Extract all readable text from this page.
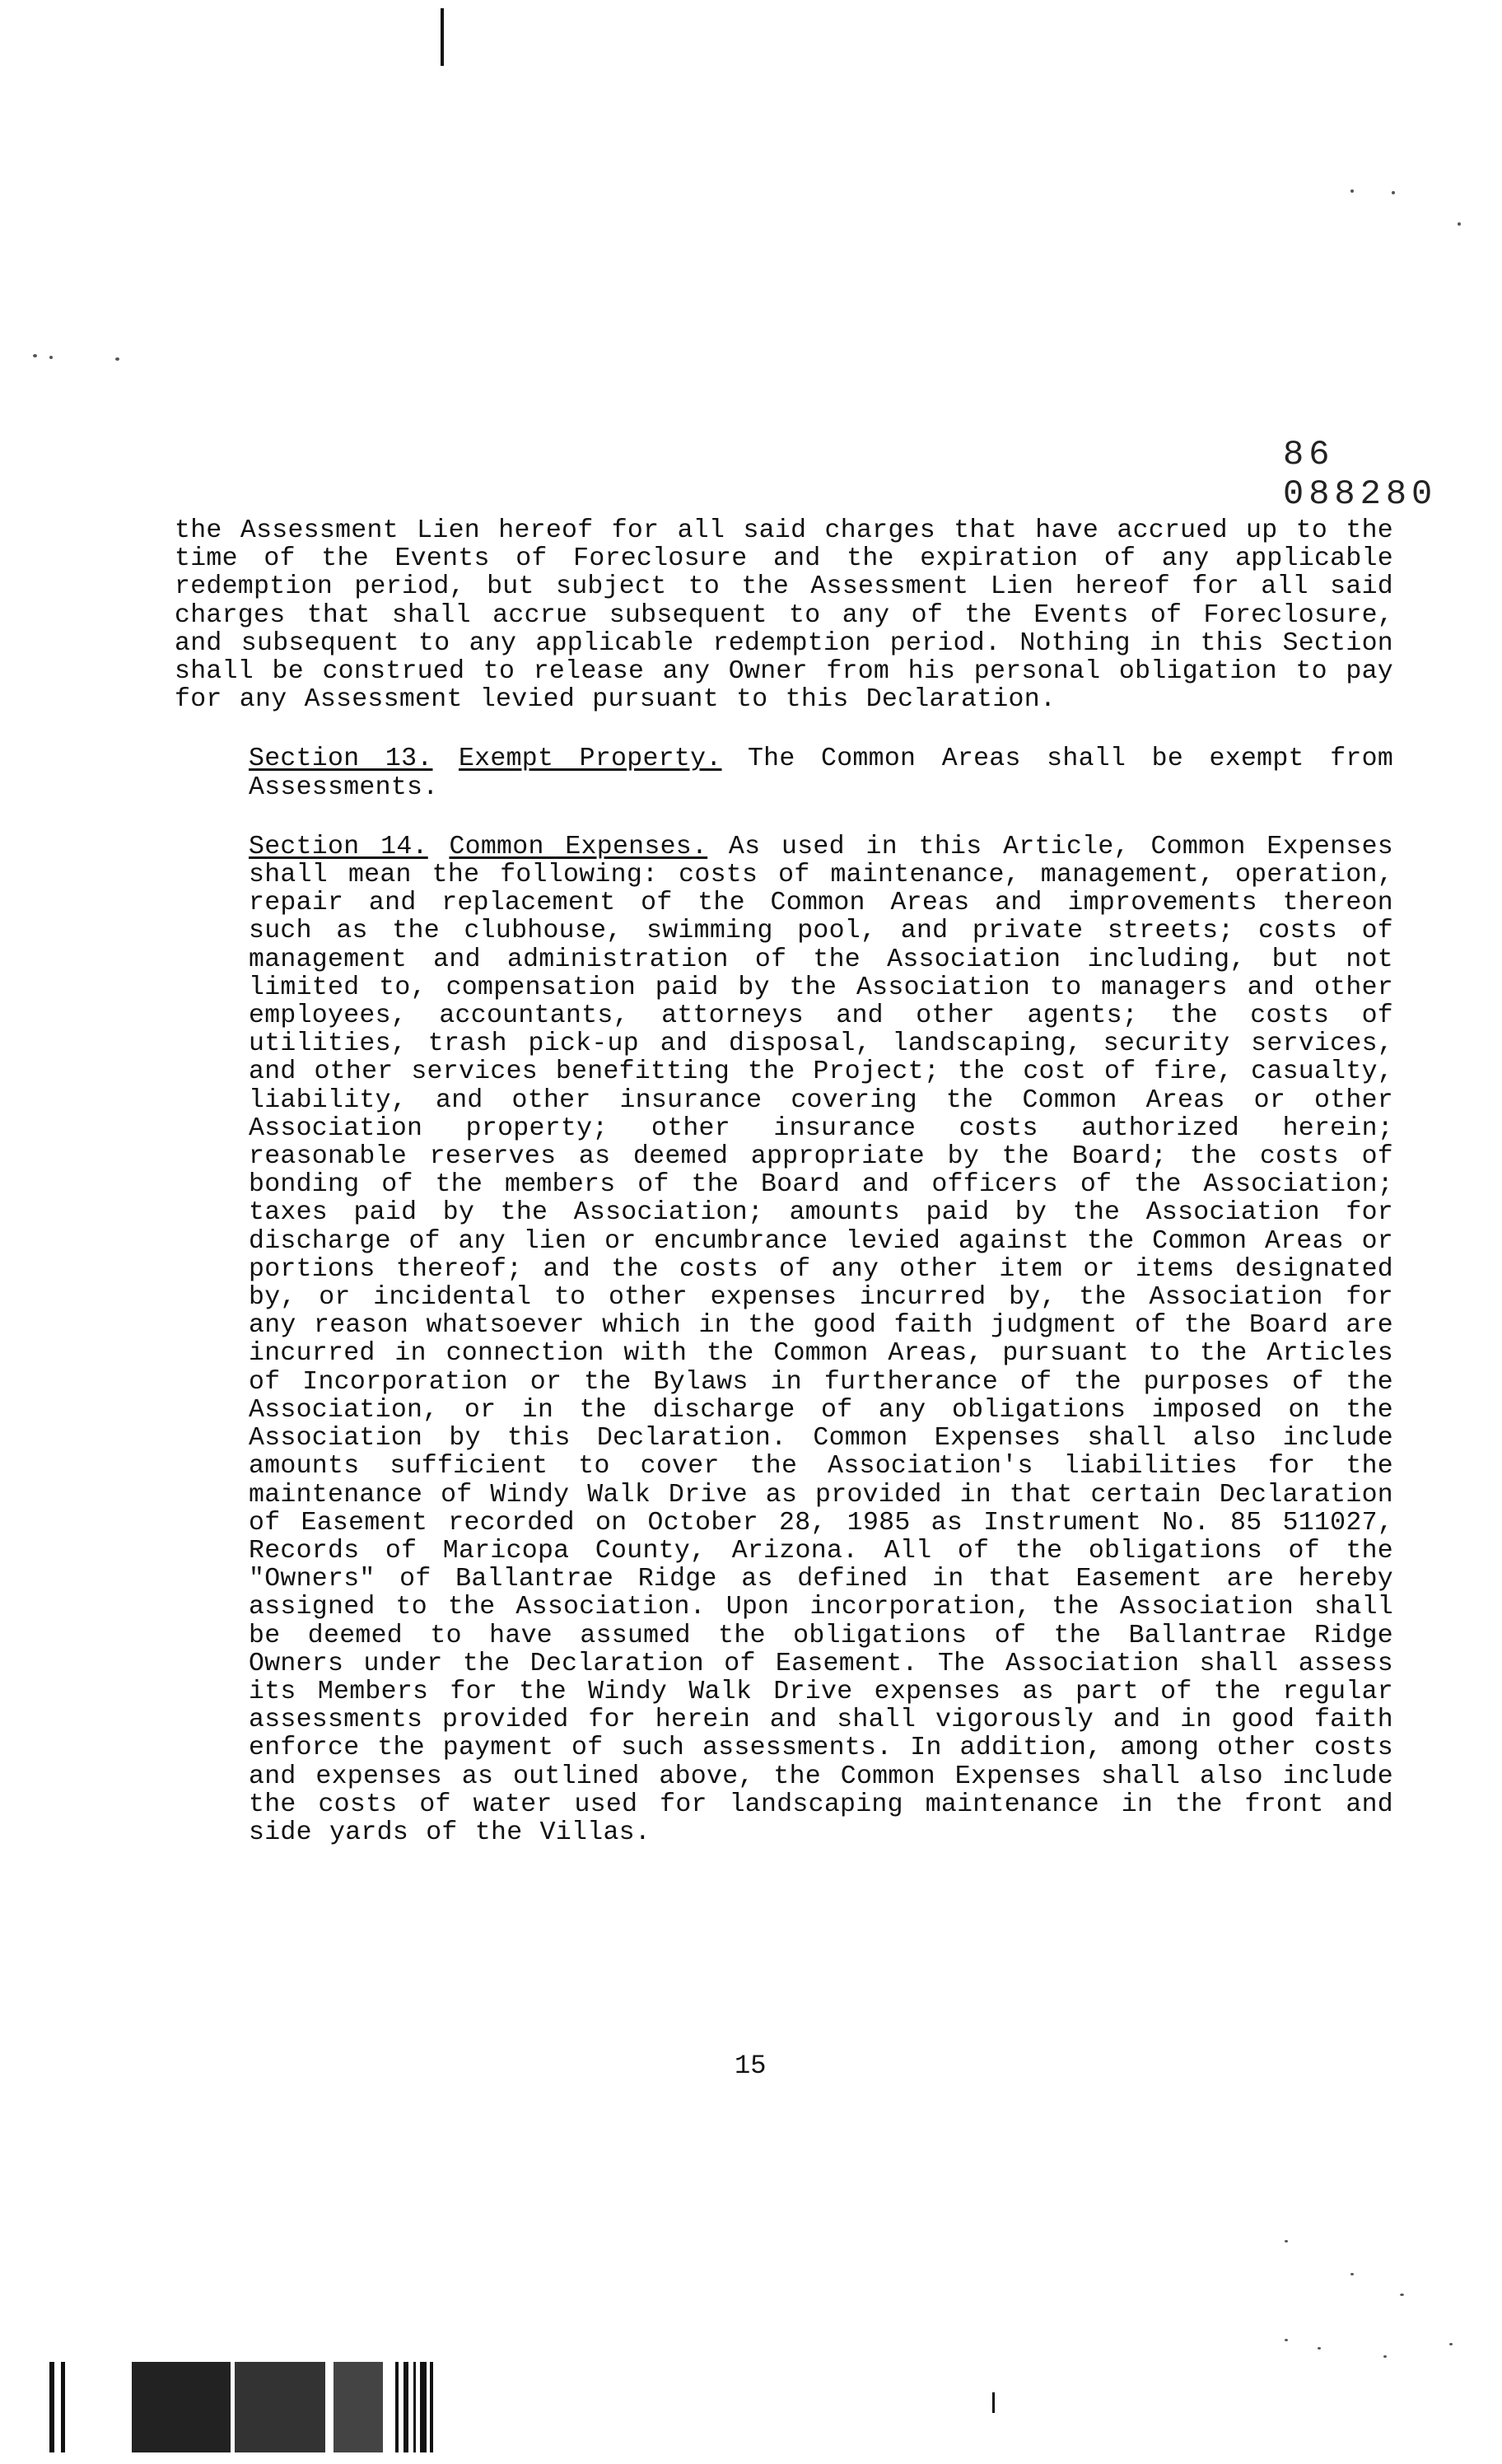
86 088280

the Assessment Lien hereof for all said charges that have accrued up to the time of the Events of Foreclosure and the expiration of any applicable redemption period, but subject to the Assessment Lien hereof for all said charges that shall accrue subsequent to any of the Events of Foreclosure, and subsequent to any applicable redemption period. Nothing in this Section shall be construed to release any Owner from his personal obligation to pay for any Assessment levied pursuant to this Declaration.

Section 13. Exempt Property. The Common Areas shall be exempt from Assessments.

Section 14. Common Expenses. As used in this Article, Common Expenses shall mean the following: costs of maintenance, management, operation, repair and replacement of the Common Areas and improvements thereon such as the clubhouse, swimming pool, and private streets; costs of management and administration of the Association including, but not limited to, compensation paid by the Association to managers and other employees, accountants, attorneys and other agents; the costs of utilities, trash pick-up and disposal, landscaping, security services, and other services benefitting the Project; the cost of fire, casualty, liability, and other insurance covering the Common Areas or other Association property; other insurance costs authorized herein; reasonable reserves as deemed appropriate by the Board; the costs of bonding of the members of the Board and officers of the Association; taxes paid by the Association; amounts paid by the Association for discharge of any lien or encumbrance levied against the Common Areas or portions thereof; and the costs of any other item or items designated by, or incidental to other expenses incurred by, the Association for any reason whatsoever which in the good faith judgment of the Board are incurred in connection with the Common Areas, pursuant to the Articles of Incorporation or the Bylaws in furtherance of the purposes of the Association, or in the discharge of any obligations imposed on the Association by this Declaration. Common Expenses shall also include amounts sufficient to cover the Association's liabilities for the maintenance of Windy Walk Drive as provided in that certain Declaration of Easement recorded on October 28, 1985 as Instrument No. 85 511027, Records of Maricopa County, Arizona. All of the obligations of the "Owners" of Ballantrae Ridge as defined in that Easement are hereby assigned to the Association. Upon incorporation, the Association shall be deemed to have assumed the obligations of the Ballantrae Ridge Owners under the Declaration of Easement. The Association shall assess its Members for the Windy Walk Drive expenses as part of the regular assessments provided for herein and shall vigorously and in good faith enforce the payment of such assessments. In addition, among other costs and expenses as outlined above, the Common Expenses shall also include the costs of water used for landscaping maintenance in the front and side yards of the Villas.

15
